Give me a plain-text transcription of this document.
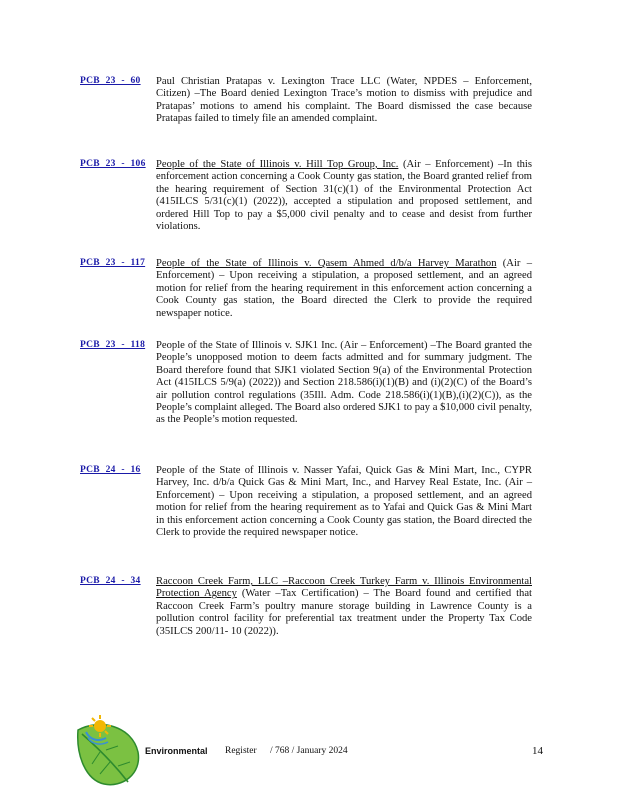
PCB 23 - 60 Paul Christian Pratapas v. Lexington Trace LLC (Water, NPDES – Enforcement, Citizen) –The Board denied Lexington Trace’s motion to dismiss with prejudice and Pratapas’ motions to amend his complaint. The Board dismissed the case because Pratapas failed to timely file an amended complaint.
PCB 23 - 106 People of the State of Illinois v. Hill Top Group, Inc. (Air – Enforcement) –In this enforcement action concerning a Cook County gas station, the Board granted relief from the hearing requirement of Section 31(c)(1) of the Environmental Protection Act (415ILCS 5/31(c)(1) (2022)), accepted a stipulation and proposed settlement, and ordered Hill Top to pay a $5,000 civil penalty and to cease and desist from further violations.
PCB 23 - 117 People of the State of Illinois v. Qasem Ahmed d/b/a Harvey Marathon (Air – Enforcement) – Upon receiving a stipulation, a proposed settlement, and an agreed motion for relief from the hearing requirement in this enforcement action concerning a Cook County gas station, the Board directed the Clerk to provide the required newspaper notice.
PCB 23 - 118 People of the State of Illinois v. SJK1 Inc. (Air – Enforcement) –The Board granted the People’s unopposed motion to deem facts admitted and for summary judgment. The Board therefore found that SJK1 violated Section 9(a) of the Environmental Protection Act (415ILCS 5/9(a) (2022)) and Section 218.586(i)(1)(B) and (i)(2)(C) of the Board’s air pollution control regulations (35Ill. Adm. Code 218.586(i)(1)(B),(i)(2)(C)), as the People’s complaint alleged. The Board also ordered SJK1 to pay a $10,000 civil penalty, as the People’s motion requested.
PCB 24 - 16 People of the State of Illinois v. Nasser Yafai, Quick Gas & Mini Mart, Inc., CYPR Harvey, Inc. d/b/a Quick Gas & Mini Mart, Inc., and Harvey Real Estate, Inc. (Air – Enforcement) – Upon receiving a stipulation, a proposed settlement, and an agreed motion for relief from the hearing requirement as to Yafai and Quick Gas & Mini Mart in this enforcement action concerning a Cook County gas station, the Board directed the Clerk to provide the required newspaper notice.
PCB 24 - 34 Raccoon Creek Farm, LLC –Raccoon Creek Turkey Farm v. Illinois Environmental Protection Agency (Water –Tax Certification) – The Board found and certified that Raccoon Creek Farm’s poultry manure storage building in Lawrence County is a pollution control facility for preferential tax treatment under the Property Tax Code (35ILCS 200/11- 10 (2022)).
Environmental Register / 768 / January 2024	14
